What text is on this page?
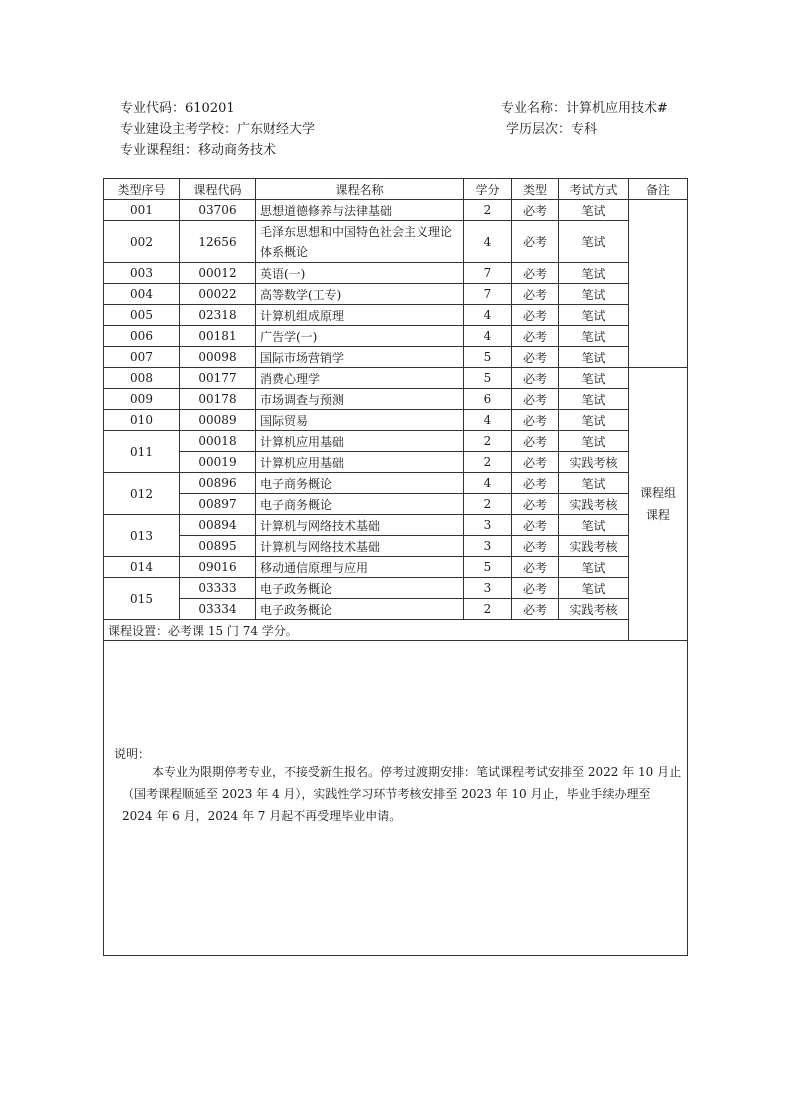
专业代码：610201	专业名称：计算机应用技术#
专业建设主考学校：广东财经大学	学历层次：专科
专业课程组：移动商务技术
类型序号	课程代码	课程名称	学分	类型	考试方式	备注
001	03706	思想道德修养与法律基础	2	必考	笔试	
002	12656	毛泽东思想和中国特色社会主义理论体系概论	4	必考	笔试	
003	00012	英语(一)	7	必考	笔试	
004	00022	高等数学(工专)	7	必考	笔试	
005	02318	计算机组成原理	4	必考	笔试	
006	00181	广告学(一)	4	必考	笔试	
007	00098	国际市场营销学	5	必考	笔试	
008	00177	消费心理学	5	必考	笔试	课程组
课程

009	00178	市场调查与预测	6	必考	笔试	
010	00089	国际贸易	4	必考	笔试	
011	00018	计算机应用基础	2	必考	笔试	
	00019	计算机应用基础	2	必考	实践考核	
012	00896	电子商务概论	4	必考	笔试	
	00897	电子商务概论	2	必考	实践考核	
013	00894	计算机与网络技术基础	3	必考	笔试	
	00895	计算机与网络技术基础	3	必考	实践考核	
014	09016	移动通信原理与应用	5	必考	笔试	
015	03333	电子政务概论	3	必考	笔试	
	03334	电子政务概论	2	必考	实践考核	
课程设置：必考课 15 门 74 学分。						

说明：
本专业为限期停考专业，不接受新生报名。停考过渡期安排：笔试课程考试安排至 2022 年 10 月止（国考课程顺延至 2023 年 4 月），实践性学习环节考核安排至 2023 年 10 月止，毕业手续办理至 2024 年 6 月，2024 年 7 月起不再受理毕业申请。						
